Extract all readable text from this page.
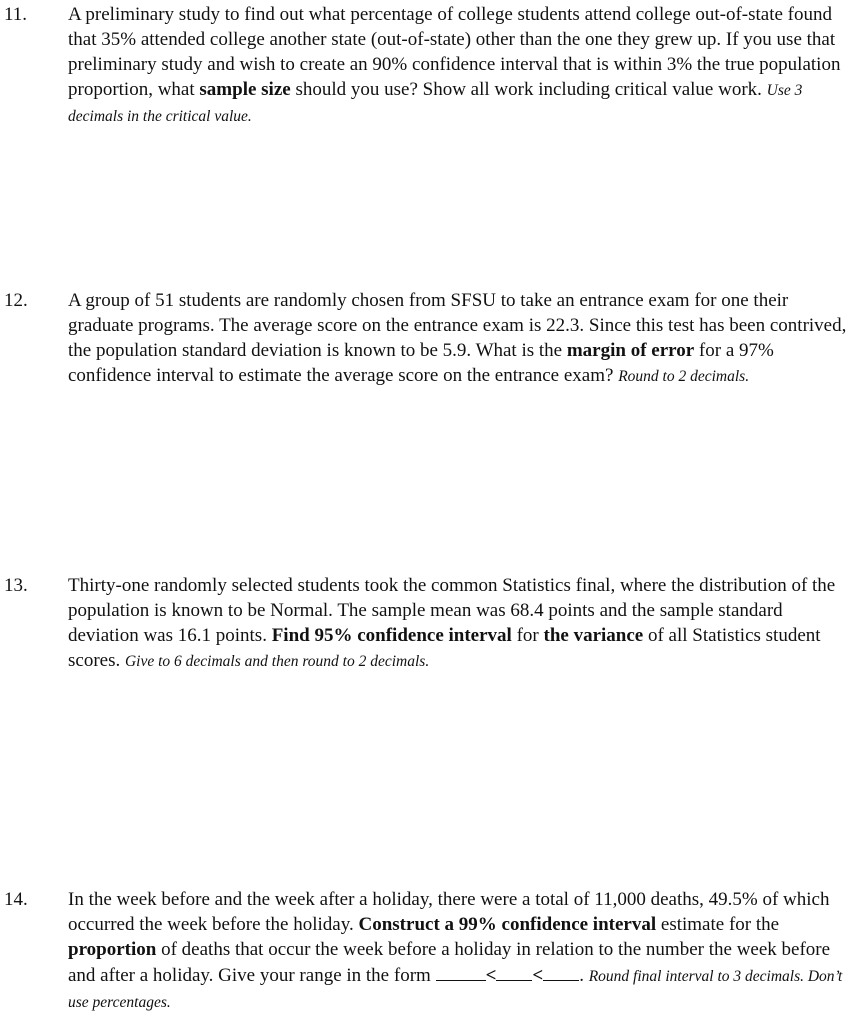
11. A preliminary study to find out what percentage of college students attend college out-of-state found that 35% attended college another state (out-of-state) other than the one they grew up. If you use that preliminary study and wish to create an 90% confidence interval that is within 3% the true population proportion, what sample size should you use? Show all work including critical value work. Use 3 decimals in the critical value.
12. A group of 51 students are randomly chosen from SFSU to take an entrance exam for one their graduate programs. The average score on the entrance exam is 22.3. Since this test has been contrived, the population standard deviation is known to be 5.9. What is the margin of error for a 97% confidence interval to estimate the average score on the entrance exam? Round to 2 decimals.
13. Thirty-one randomly selected students took the common Statistics final, where the distribution of the population is known to be Normal. The sample mean was 68.4 points and the sample standard deviation was 16.1 points. Find 95% confidence interval for the variance of all Statistics student scores. Give to 6 decimals and then round to 2 decimals.
14. In the week before and the week after a holiday, there were a total of 11,000 deaths, 49.5% of which occurred the week before the holiday. Construct a 99% confidence interval estimate for the proportion of deaths that occur the week before a holiday in relation to the number the week before and after a holiday. Give your range in the form	< < . Round final interval to 3 decimals. Don’t use percentages.
